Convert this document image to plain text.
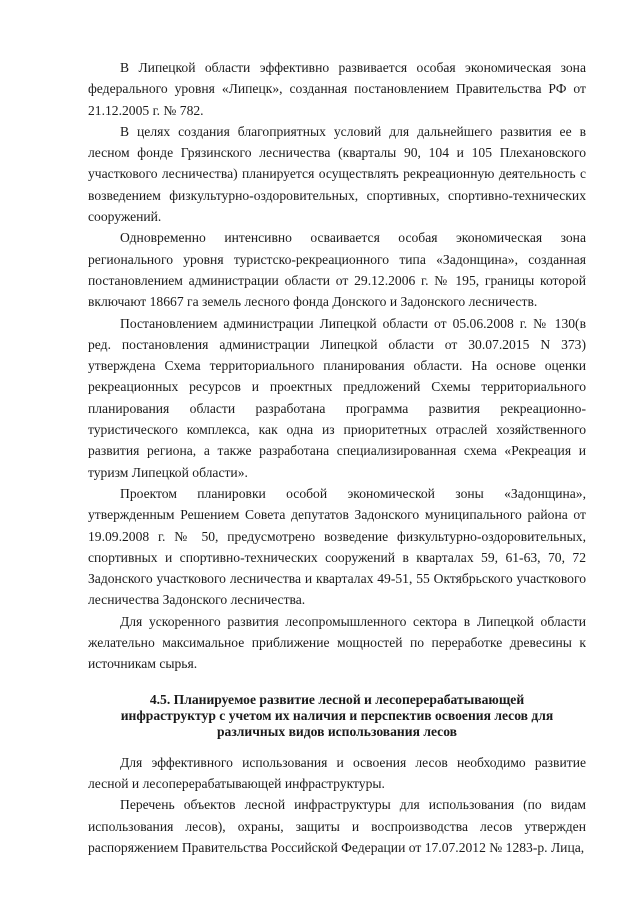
В Липецкой области эффективно развивается особая экономическая зона федерального уровня «Липецк», созданная постановлением Правительства РФ от 21.12.2005 г. № 782.

В целях создания благоприятных условий для дальнейшего развития ее в лесном фонде Грязинского лесничества (кварталы 90, 104 и 105 Плехановского участкового лесничества) планируется осуществлять рекреационную деятельность с возведением физкультурно-оздоровительных, спортивных, спортивно-технических сооружений.

Одновременно интенсивно осваивается особая экономическая зона регионального уровня туристско-рекреационного типа «Задонщина», созданная постановлением администрации области от 29.12.2006 г. № 195, границы которой включают 18667 га земель лесного фонда Донского и Задонского лесничеств.

Постановлением администрации Липецкой области от 05.06.2008 г. № 130(в ред. постановления администрации Липецкой области от 30.07.2015 N 373) утверждена Схема территориального планирования области. На основе оценки рекреационных ресурсов и проектных предложений Схемы территориального планирования области разработана программа развития рекреационно-туристического комплекса, как одна из приоритетных отраслей хозяйственного развития региона, а также разработана специализированная схема «Рекреация и туризм Липецкой области».

Проектом планировки особой экономической зоны «Задонщина», утвержденным Решением Совета депутатов Задонского муниципального района от 19.09.2008 г. № 50, предусмотрено возведение физкультурно-оздоровительных, спортивных и спортивно-технических сооружений в кварталах 59, 61-63, 70, 72 Задонского участкового лесничества и кварталах 49-51, 55 Октябрьского участкового лесничества Задонского лесничества.

Для ускоренного развития лесопромышленного сектора в Липецкой области желательно максимальное приближение мощностей по переработке древесины к источникам сырья.

4.5. Планируемое развитие лесной и лесоперерабатывающей инфраструктур с учетом их наличия и перспектив освоения лесов для различных видов использования лесов

Для эффективного использования и освоения лесов необходимо развитие лесной и лесоперерабатывающей инфраструктуры.

Перечень объектов лесной инфраструктуры для использования (по видам использования лесов), охраны, защиты и воспроизводства лесов утвержден распоряжением Правительства Российской Федерации от 17.07.2012 № 1283-р. Лица,
